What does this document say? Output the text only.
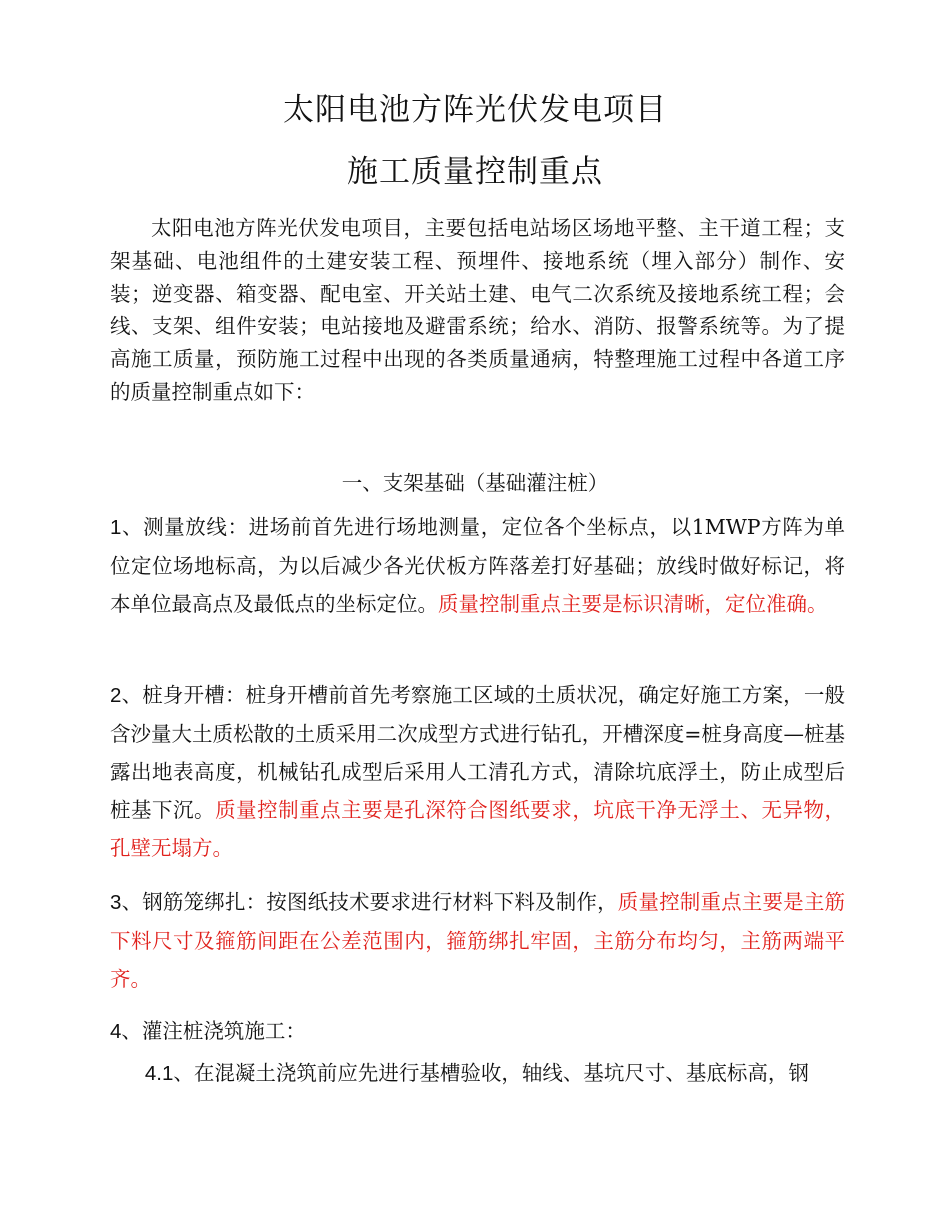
太阳电池方阵光伏发电项目
施工质量控制重点
太阳电池方阵光伏发电项目，主要包括电站场区场地平整、主干道工程；支架基础、电池组件的土建安装工程、预埋件、接地系统（埋入部分）制作、安装；逆变器、箱变器、配电室、开关站土建、电气二次系统及接地系统工程；会线、支架、组件安装；电站接地及避雷系统；给水、消防、报警系统等。为了提高施工质量，预防施工过程中出现的各类质量通病，特整理施工过程中各道工序的质量控制重点如下：
一、支架基础（基础灌注桩）
1、测量放线：进场前首先进行场地测量，定位各个坐标点，以1MWP方阵为单位定位场地标高，为以后减少各光伏板方阵落差打好基础；放线时做好标记，将本单位最高点及最低点的坐标定位。质量控制重点主要是标识清晰，定位准确。
2、桩身开槽：桩身开槽前首先考察施工区域的土质状况，确定好施工方案，一般含沙量大土质松散的土质采用二次成型方式进行钻孔，开槽深度=桩身高度—桩基露出地表高度，机械钻孔成型后采用人工清孔方式，清除坑底浮土，防止成型后桩基下沉。质量控制重点主要是孔深符合图纸要求，坑底干净无浮土、无异物，孔壁无塌方。
3、钢筋笼绑扎：按图纸技术要求进行材料下料及制作，质量控制重点主要是主筋下料尺寸及箍筋间距在公差范围内，箍筋绑扎牢固，主筋分布均匀，主筋两端平齐。
4、灌注桩浇筑施工：
4.1、在混凝土浇筑前应先进行基槽验收，轴线、基坑尺寸、基底标高，钢
